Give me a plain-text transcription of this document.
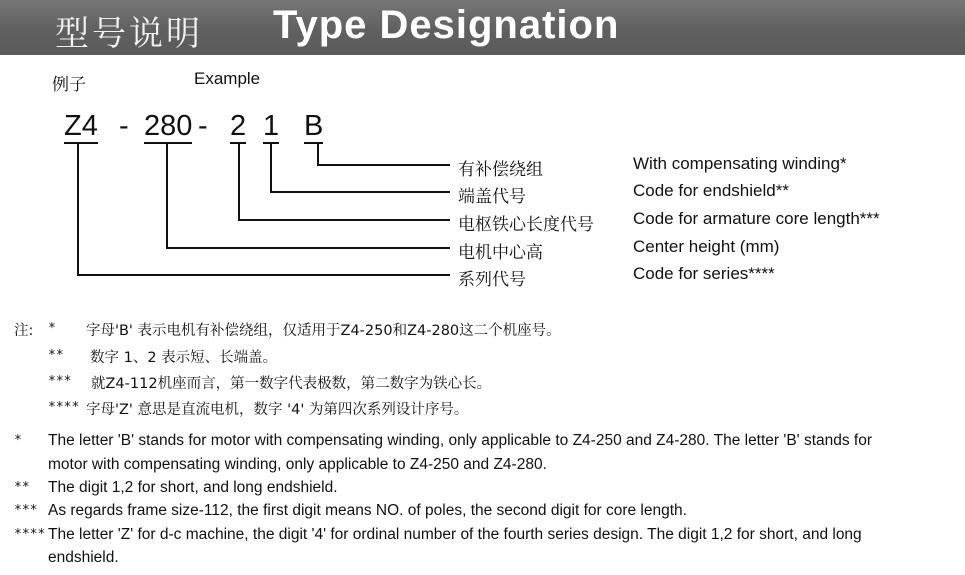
型号说明 Type Designation
例子	Example
Z4 - 280 - 2 1 B
有补偿绕组	With compensating winding*
端盖代号	Code for endshield**
电枢铁心长度代号 Code for armature core length***
电机中心高	Center height (mm)
系列代号	Code for series****
注: * 字母'B' 表示电机有补偿绕组，仅适用于Z4-250和Z4-280这二个机座号。
** 数字 1、2 表示短、长端盖。
*** 就Z4-112机座而言，第一数字代表极数，第二数字为铁心长。
**** 字母'Z' 意思是直流电机，数字 '4' 为第四次系列设计序号。
* The letter 'B' stands for motor with compensating winding, only applicable to Z4-250 and Z4-280. The letter 'B' stands for
motor with compensating winding, only applicable to Z4-250 and Z4-280.
** The digit 1,2 for short, and long endshield.
*** As regards frame size-112, the first digit means NO. of poles, the second digit for core length.
**** The letter 'Z' for d-c machine, the digit '4' for ordinal number of the fourth series design. The digit 1,2 for short, and long
endshield.
